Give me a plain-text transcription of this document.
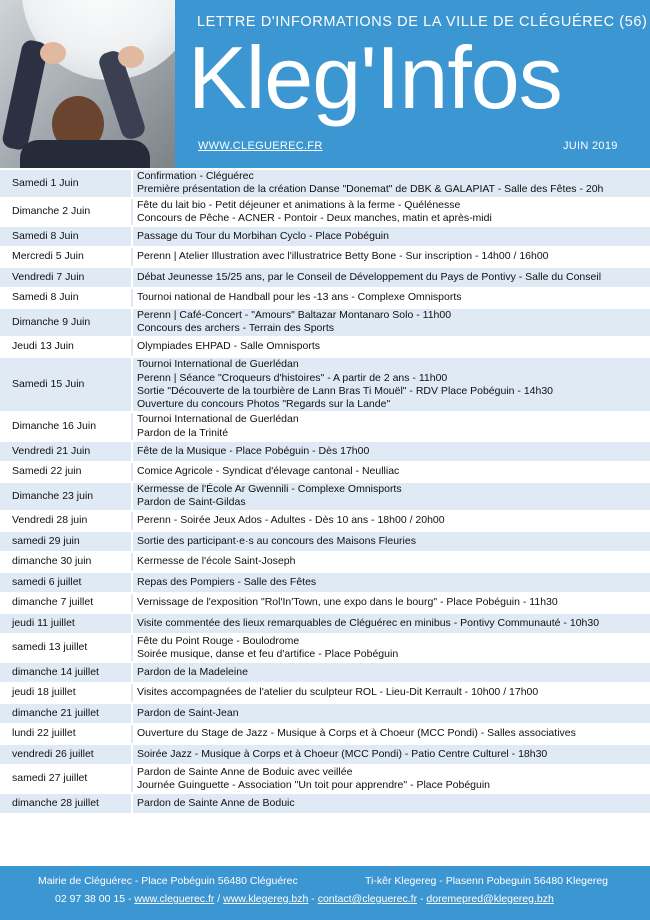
LETTRE D'INFORMATIONS DE LA VILLE DE CLÉGUÉREC (56)
Kleg'Infos
WWW.CLEGUEREC.FR	JUIN 2019
Samedi 1 Juin	Confirmation - Cléguérec
Première présentation de la création Danse "Donemat" de DBK & GALAPIAT - Salle des Fêtes - 20h

Dimanche 2 Juin	Fête du lait bio - Petit déjeuner et animations à la ferme - Quélénesse
Concours de Pêche - ACNER - Pontoir - Deux manches, matin et après-midi

Samedi 8 Juin	Passage du Tour du Morbihan Cyclo - Place Pobéguin

Mercredi 5 Juin	Perenn | Atelier Illustration avec l'illustratrice Betty Bone - Sur inscription - 14h00 / 16h00

Vendredi 7 Juin	Débat Jeunesse 15/25 ans, par le Conseil de Développement du Pays de Pontivy - Salle du Conseil

Samedi 8 Juin	Tournoi national de Handball pour les -13 ans - Complexe Omnisports

Dimanche 9 Juin	Perenn | Café-Concert - "Amours" Baltazar Montanaro Solo - 11h00
Concours des archers - Terrain des Sports

Jeudi 13 Juin	Olympiades EHPAD - Salle Omnisports

Samedi 15 Juin	Tournoi International de Guerlédan
Perenn | Séance "Croqueurs d'histoires" - A partir de 2 ans - 11h00
Sortie "Découverte de la tourbière de Lann Bras Ti Mouël" - RDV Place Pobéguin - 14h30
Ouverture du concours Photos "Regards sur la Lande"

Dimanche 16 Juin	Tournoi International de Guerlédan
Pardon de la Trinité

Vendredi 21 Juin	Fête de la Musique - Place Pobéguin - Dès 17h00

Samedi 22 juin	Comice Agricole - Syndicat d'élevage cantonal - Neulliac

Dimanche 23 juin	Kermesse de l'École Ar Gwennili - Complexe Omnisports
Pardon de Saint-Gildas

Vendredi 28 juin	Perenn - Soirée Jeux Ados - Adultes - Dès 10 ans - 18h00 / 20h00

samedi 29 juin	Sortie des participant·e·s au concours des Maisons Fleuries

dimanche 30 juin	Kermesse de l'école Saint-Joseph

samedi 6 juillet	Repas des Pompiers - Salle des Fêtes

dimanche 7 juillet	Vernissage de l'exposition "Rol'In'Town, une expo dans le bourg" - Place Pobéguin - 11h30

jeudi 11 juillet	Visite commentée des lieux remarquables de Cléguérec en minibus - Pontivy Communauté - 10h30

samedi 13 juillet	Fête du Point Rouge - Boulodrome
Soirée musique, danse et feu d'artifice - Place Pobéguin

dimanche 14 juillet	Pardon de la Madeleine

jeudi 18 juillet	Visites accompagnées de l'atelier du sculpteur ROL - Lieu-Dit Kerrault - 10h00 / 17h00

dimanche 21 juillet	Pardon de Saint-Jean

lundi 22 juillet	Ouverture du Stage de Jazz - Musique à Corps et à Choeur (MCC Pondi) - Salles associatives

vendredi 26 juillet	Soirée Jazz - Musique à Corps et à Choeur (MCC Pondi) - Patio Centre Culturel - 18h30

samedi 27 juillet	Pardon de Sainte Anne de Boduic avec veillée
Journée Guinguette - Association "Un toit pour apprendre" - Place Pobéguin

dimanche 28 juillet	Pardon de Sainte Anne de Boduic
Mairie de Cléguérec - Place Pobéguin 56480 Cléguérec	Ti-kêr Klegereg - Plasenn Pobeguin 56480 Klegereg
02 97 38 00 15 - www.cleguerec.fr / www.klegereg.bzh - contact@cleguerec.fr - doremepred@klegereg.bzh
